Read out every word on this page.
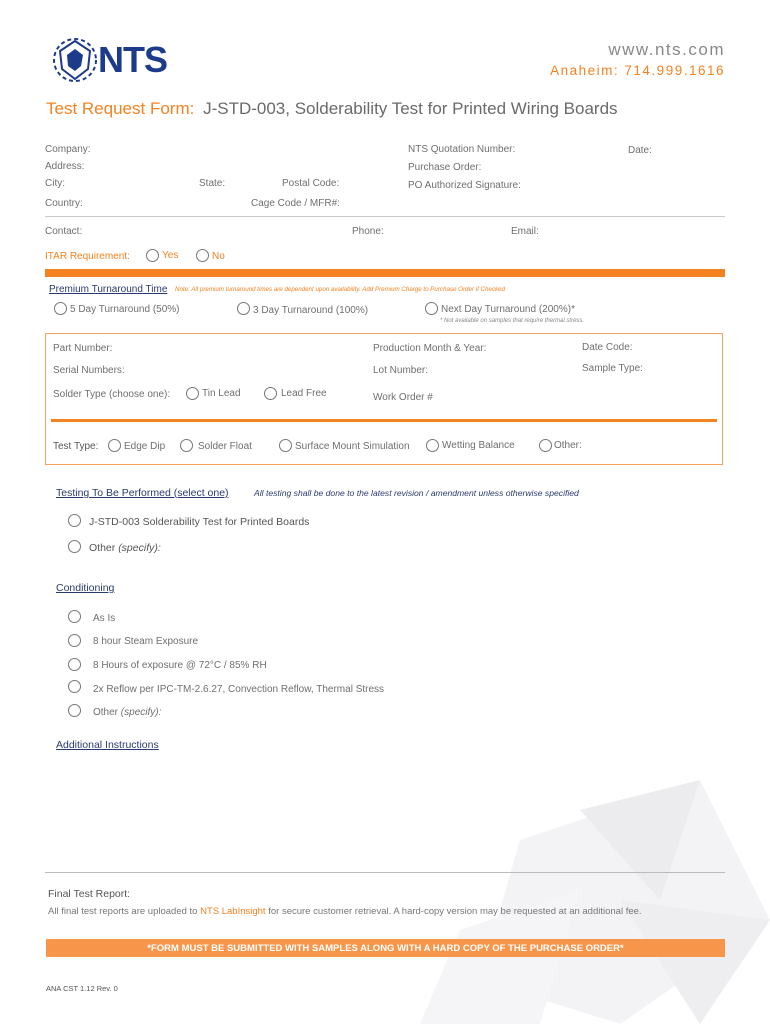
NTS	www.nts.com
Anaheim: 714.999.1616
Test Request Form: J-STD-003, Solderability Test for Printed Wiring Boards
Company:
Address:
City:	State:	Postal Code:
Country:	Cage Code / MFR#:
NTS Quotation Number:	Date:
Purchase Order:
PO Authorized Signature:
Contact:	Phone:	Email:
ITAR Requirement:	Yes	No
Premium Turnaround Time Note: All premium turnaround times are dependent upon availability. Add Premium Charge to Purchase Order if Checked
5 Day Turnaround (50%)	3 Day Turnaround (100%)	Next Day Turnaround (200%)*
* Not available on samples that require thermal stress.
Part Number:	Production Month & Year:	Date Code:
Serial Numbers:	Lot Number:	Sample Type:
Solder Type (choose one):	Tin Lead	Lead Free	Work Order #
Test Type:	Edge Dip	Solder Float	Surface Mount Simulation	Wetting Balance	Other:
Testing To Be Performed (select one)	All testing shall be done to the latest revision / amendment unless otherwise specified
J-STD-003 Solderability Test for Printed Boards
Other (specify):
Conditioning
As Is
8 hour Steam Exposure
8 Hours of exposure @ 72°C / 85% RH
2x Reflow per IPC-TM-2.6.27, Convection Reflow, Thermal Stress
Other (specify):
Additional Instructions
Final Test Report:
All final test reports are uploaded to NTS LabInsight for secure customer retrieval. A hard-copy version may be requested at an additional fee.
*FORM MUST BE SUBMITTED WITH SAMPLES ALONG WITH A HARD COPY OF THE PURCHASE ORDER*
ANA CST 1.12 Rev. 0
